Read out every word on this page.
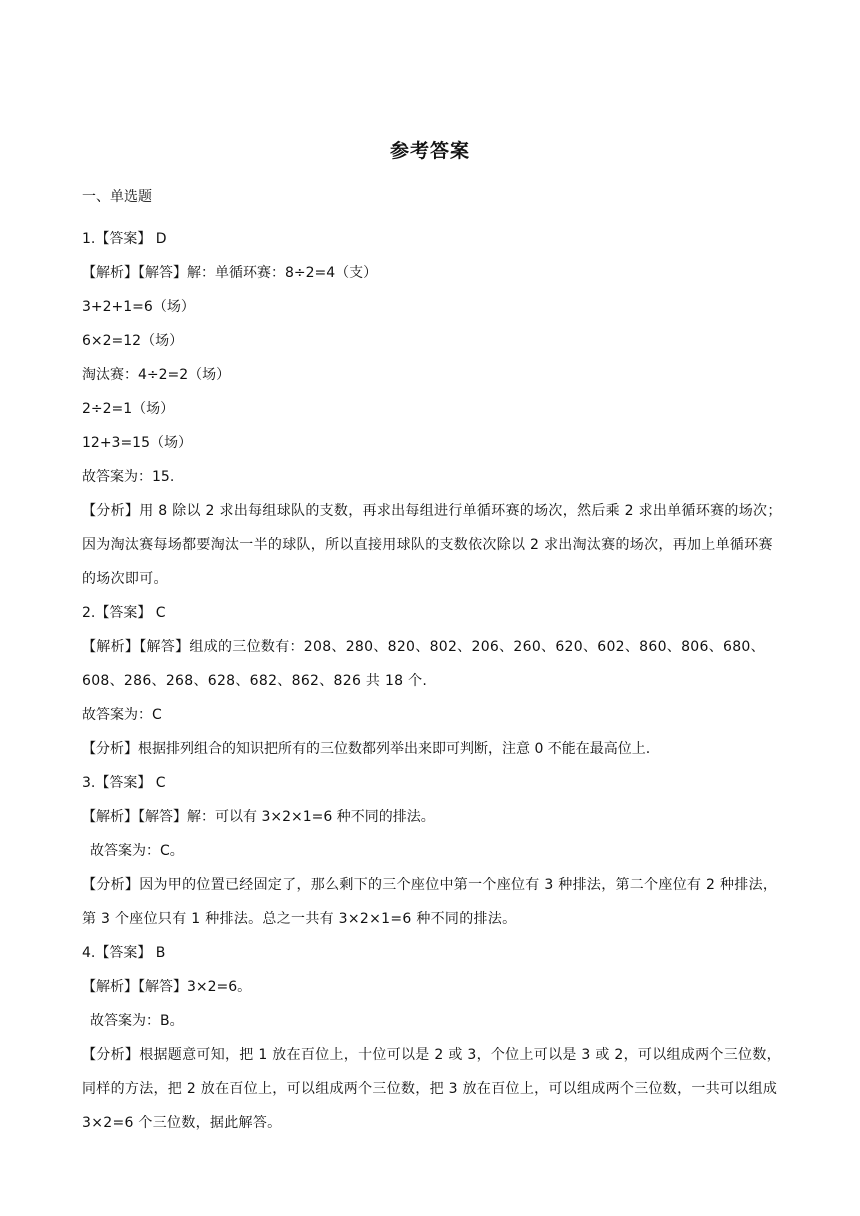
参考答案
一、单选题
1.【答案】 D
【解析】【解答】解：单循环赛：8÷2=4（支）
3+2+1=6（场）
6×2=12（场）
淘汰赛：4÷2=2（场）
2÷2=1（场）
12+3=15（场）
故答案为：15.
【分析】用 8 除以 2 求出每组球队的支数，再求出每组进行单循环赛的场次，然后乘 2 求出单循环赛的场次；因为淘汰赛每场都要淘汰一半的球队，所以直接用球队的支数依次除以 2 求出淘汰赛的场次，再加上单循环赛的场次即可。
2.【答案】 C
【解析】【解答】组成的三位数有：208、280、820、802、206、260、620、602、860、806、680、608、286、268、628、682、862、826 共 18 个.
故答案为：C
【分析】根据排列组合的知识把所有的三位数都列举出来即可判断，注意 0 不能在最高位上.
3.【答案】 C
【解析】【解答】解：可以有 3×2×1=6 种不同的排法。
故答案为：C。
【分析】因为甲的位置已经固定了，那么剩下的三个座位中第一个座位有 3 种排法，第二个座位有 2 种排法，第 3 个座位只有 1 种排法。总之一共有 3×2×1=6 种不同的排法。
4.【答案】 B
【解析】【解答】3×2=6。
故答案为：B。
【分析】根据题意可知，把 1 放在百位上，十位可以是 2 或 3，个位上可以是 3 或 2，可以组成两个三位数，同样的方法，把 2 放在百位上，可以组成两个三位数，把 3 放在百位上，可以组成两个三位数，一共可以组成 3×2=6 个三位数，据此解答。
